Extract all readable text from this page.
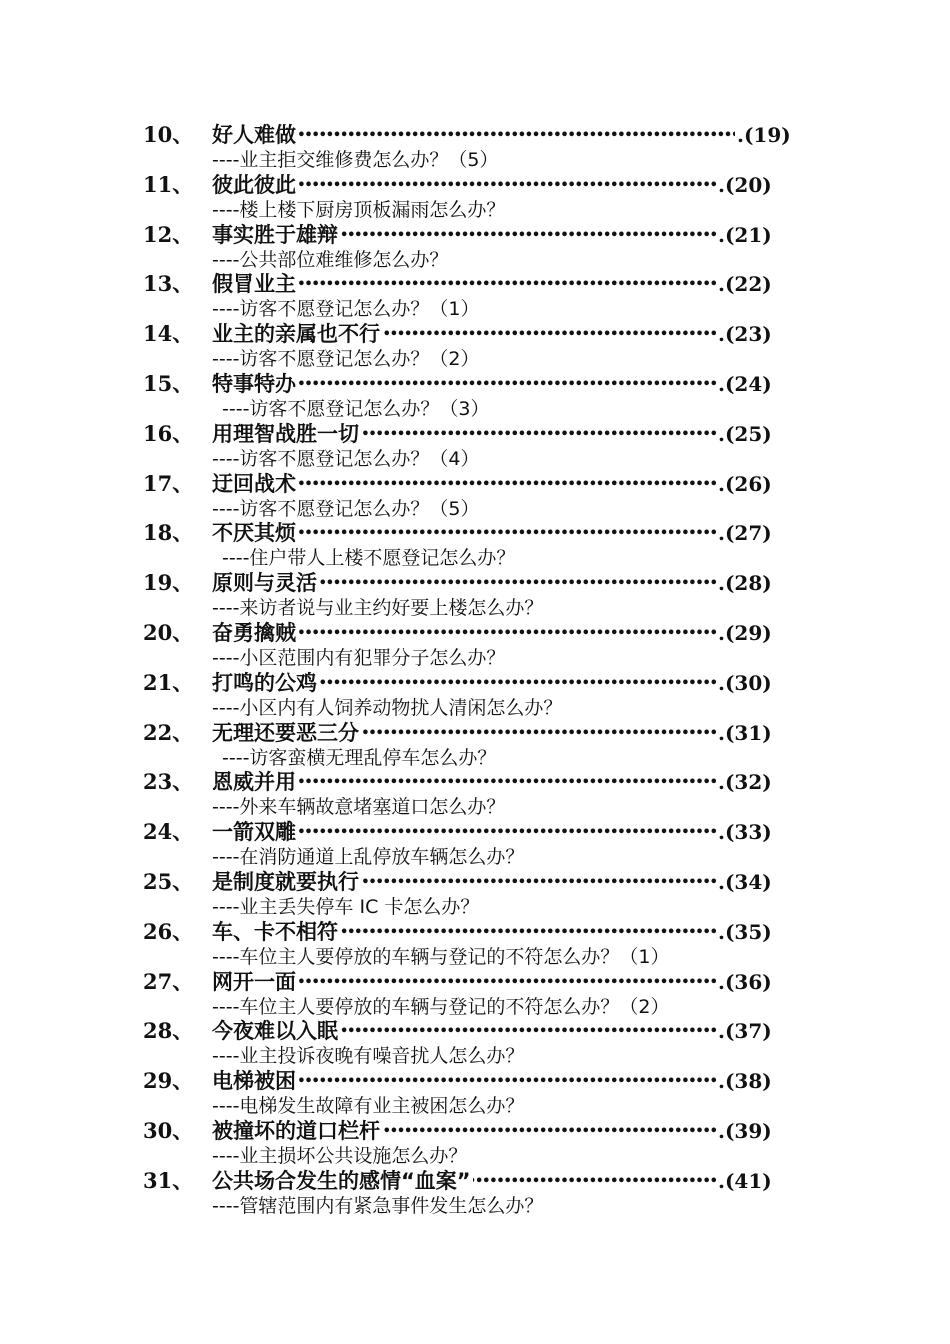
10、 好人难做 •••••	.(19)
----业主拒交维修费怎么办？（5）
11、 彼此彼此 •••••	.(20)
----楼上楼下厨房顶板漏雨怎么办？
12、 事实胜于雄辩 •••••	.(21)
----公共部位难维修怎么办？
13、 假冒业主 •••••	.(22)
----访客不愿登记怎么办？（1）
14、 业主的亲属也不行 •••••	.(23)
----访客不愿登记怎么办？（2）
15、 特事特办 •••••	.(24)
----访客不愿登记怎么办？（3）
16、 用理智战胜一切 •••••	.(25)
----访客不愿登记怎么办？（4）
17、 迂回战术 •••••	.(26)
----访客不愿登记怎么办？（5）
18、 不厌其烦 •••••	.(27)
----住户带人上楼不愿登记怎么办？
19、 原则与灵活 •••••	.(28)
----来访者说与业主约好要上楼怎么办？
20、 奋勇擒贼 •••••	.(29)
----小区范围内有犯罪分子怎么办？
21、 打鸣的公鸡 •••••	.(30)
----小区内有人饲养动物扰人清闲怎么办？
22、 无理还要恶三分 •••••	.(31)
----访客蛮横无理乱停车怎么办？
23、 恩威并用 •••••	.(32)
----外来车辆故意堵塞道口怎么办？
24、 一箭双雕 •••••	.(33)
----在消防通道上乱停放车辆怎么办？
25、 是制度就要执行 •••••	.(34)
----业主丢失停车 IC 卡怎么办？
26、 车、卡不相符 •••••	.(35)
----车位主人要停放的车辆与登记的不符怎么办？（1）
27、 网开一面 •••••	.(36)
----车位主人要停放的车辆与登记的不符怎么办？（2）
28、 今夜难以入眠 •••••	.(37)
----业主投诉夜晚有噪音扰人怎么办？
29、 电梯被困 •••••	.(38)
----电梯发生故障有业主被困怎么办？
30、 被撞坏的道口栏杆 •••••	.(39)
----业主损坏公共设施怎么办？
31、 公共场合发生的感情“血案” •••••	.(41)
----管辖范围内有紧急事件发生怎么办？
